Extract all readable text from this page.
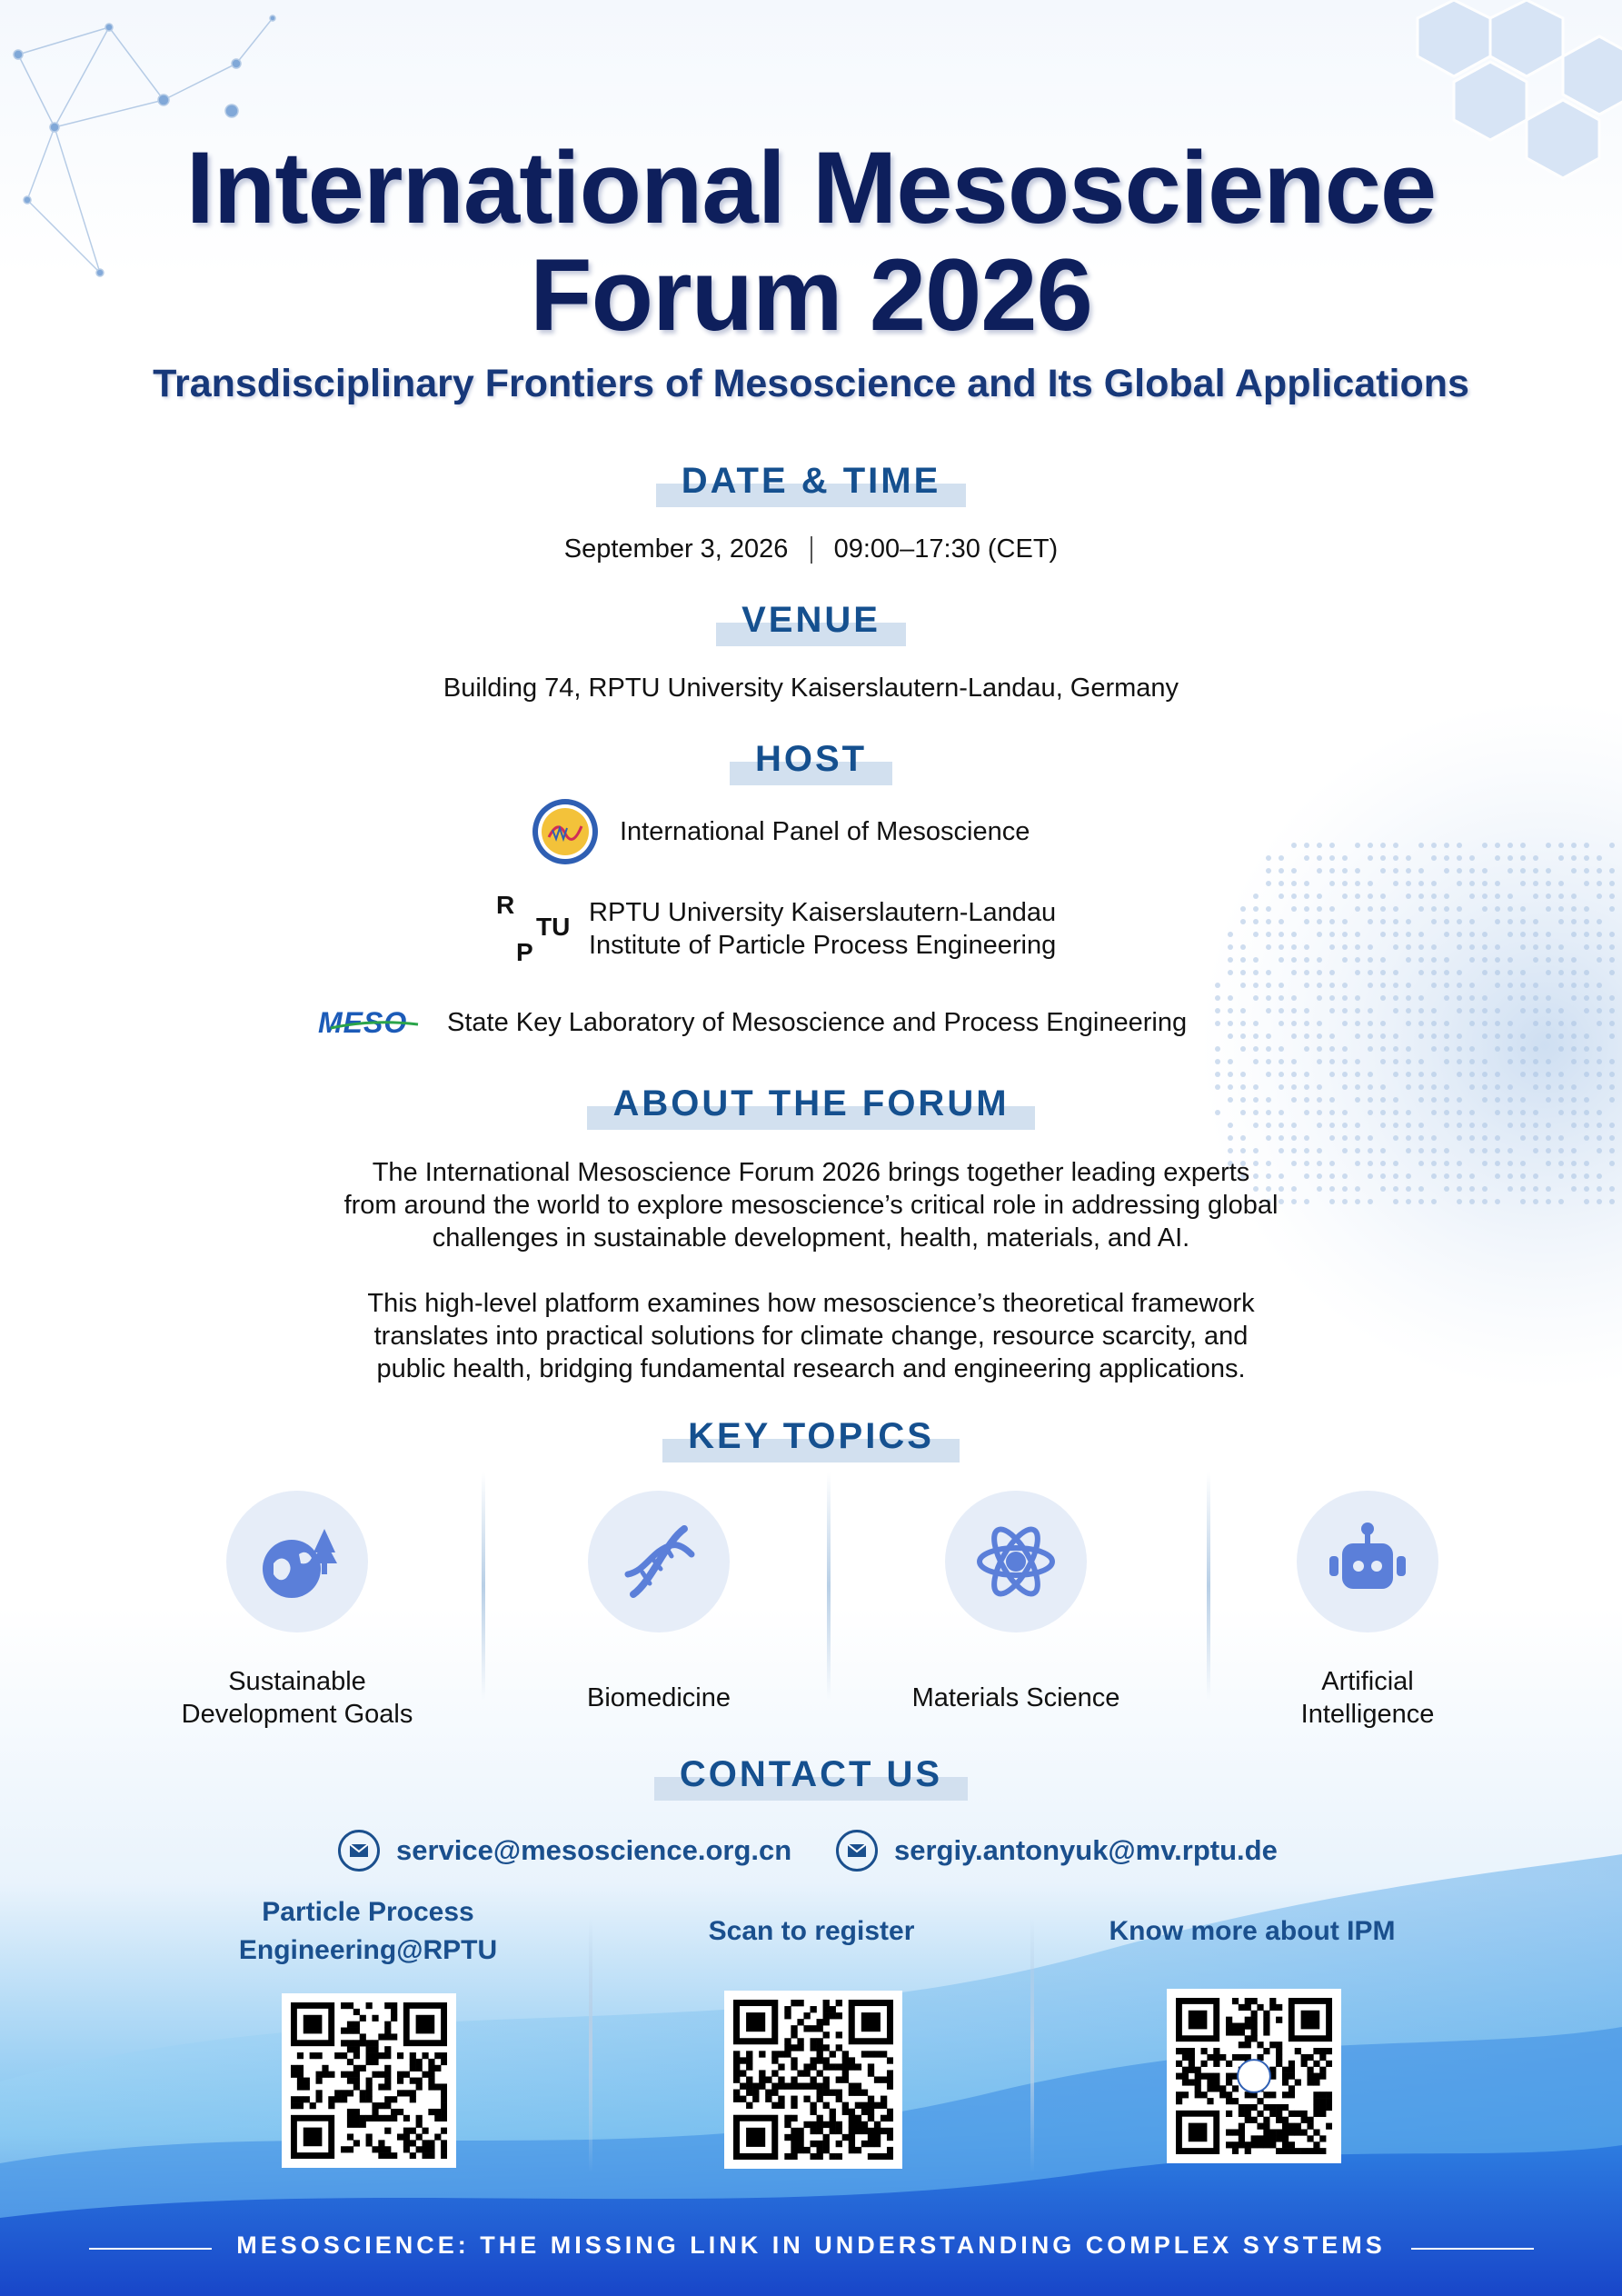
International Mesoscience
Forum 2026
Transdisciplinary Frontiers of Mesoscience and Its Global Applications
DATE & TIME
September 3, 2026 09:00–17:30 (CET)
VENUE
Building 74, RPTU University Kaiserslautern-Landau, Germany
HOST
International Panel of Mesoscience
R
TU
P
RPTU University Kaiserslautern-Landau
Institute of Particle Process Engineering
MESO	State Key Laboratory of Mesoscience and Process Engineering
ABOUT THE FORUM
The International Mesoscience Forum 2026 brings together leading experts
from around the world to explore mesoscience’s critical role in addressing global
challenges in sustainable development, health, materials, and AI.
This high-level platform examines how mesoscience’s theoretical framework
translates into practical solutions for climate change, resource scarcity, and
public health, bridging fundamental research and engineering applications.
KEY TOPICS
Sustainable
Development Goals
Biomedicine	Materials Science
Artificial
Intelligence
CONTACT US
service@mesoscience.org.cn	sergiy.antonyuk@mv.rptu.de
Particle Process
Engineering@RPTU
Scan to register	Know more about IPM
MESOSCIENCE: THE MISSING LINK IN UNDERSTANDING COMPLEX SYSTEMS
